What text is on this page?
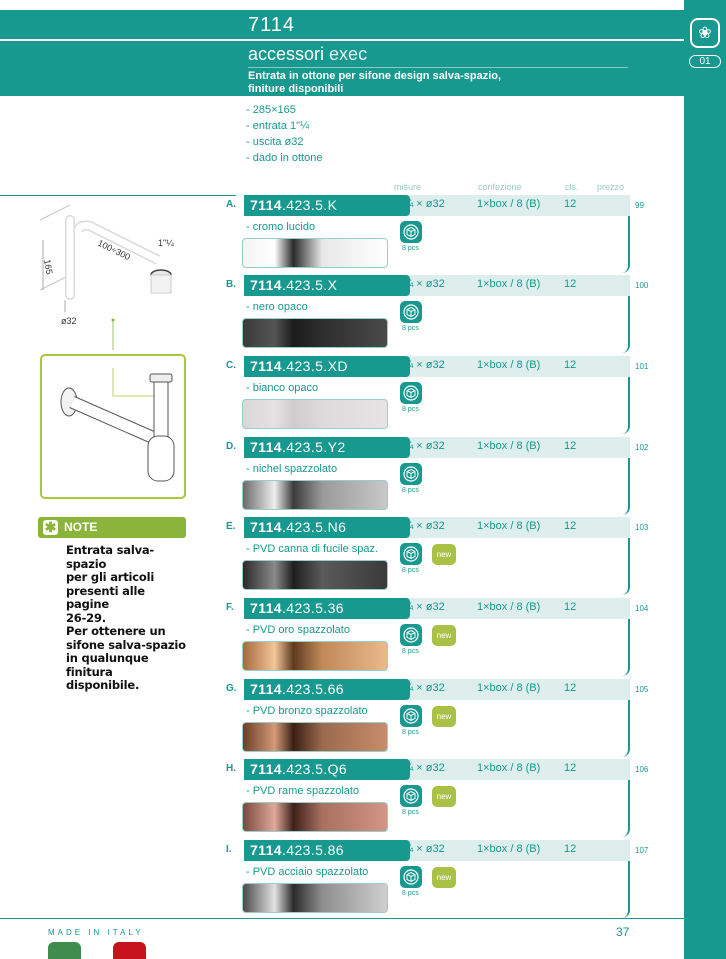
7114
accessori exec
Entrata in ottone per sifone design salva-spazio,
finiture disponibili
❀
01
- 285×165
- entrata 1"¼
- uscita ø32
- dado in ottone
misure	confezione	cls. prezzo
100÷300	1"¼
165
ø32
✱ NOTE
Entrata salva-spazio
per gli articoli
presenti alle pagine
26-29.
Per ottenere un
sifone salva-spazio
in qualunque finitura
disponibile.
A.	7114.423.5.K	1"¼ × ø32	1×box / 8 (B) 12	99
- cromo lucido
8 pcs
B.	7114.423.5.X	1"¼ × ø32	1×box / 8 (B) 12	100
- nero opaco
8 pcs
C.	7114.423.5.XD	1"¼ × ø32	1×box / 8 (B) 12	101
- bianco opaco
8 pcs
D.	7114.423.5.Y2	1"¼ × ø32	1×box / 8 (B) 12	102
- nichel spazzolato
8 pcs
E.	7114.423.5.N6	1"¼ × ø32	1×box / 8 (B) 12	103
- PVD canna di fucile spaz.
8 pcs
new
F.	7114.423.5.36	1"¼ × ø32	1×box / 8 (B) 12	104
- PVD oro spazzolato
8 pcs
new
G. 7114.423.5.66	1"¼ × ø32	1×box / 8 (B) 12	105
- PVD bronzo spazzolato
8 pcs
new
H.	7114.423.5.Q6	1"¼ × ø32	1×box / 8 (B) 12	106
- PVD rame spazzolato
8 pcs
new
I.	7114.423.5.86	1"¼ × ø32	1×box / 8 (B) 12	107
- PVD acciaio spazzolato
8 pcs
new
MADE IN ITALY	37
